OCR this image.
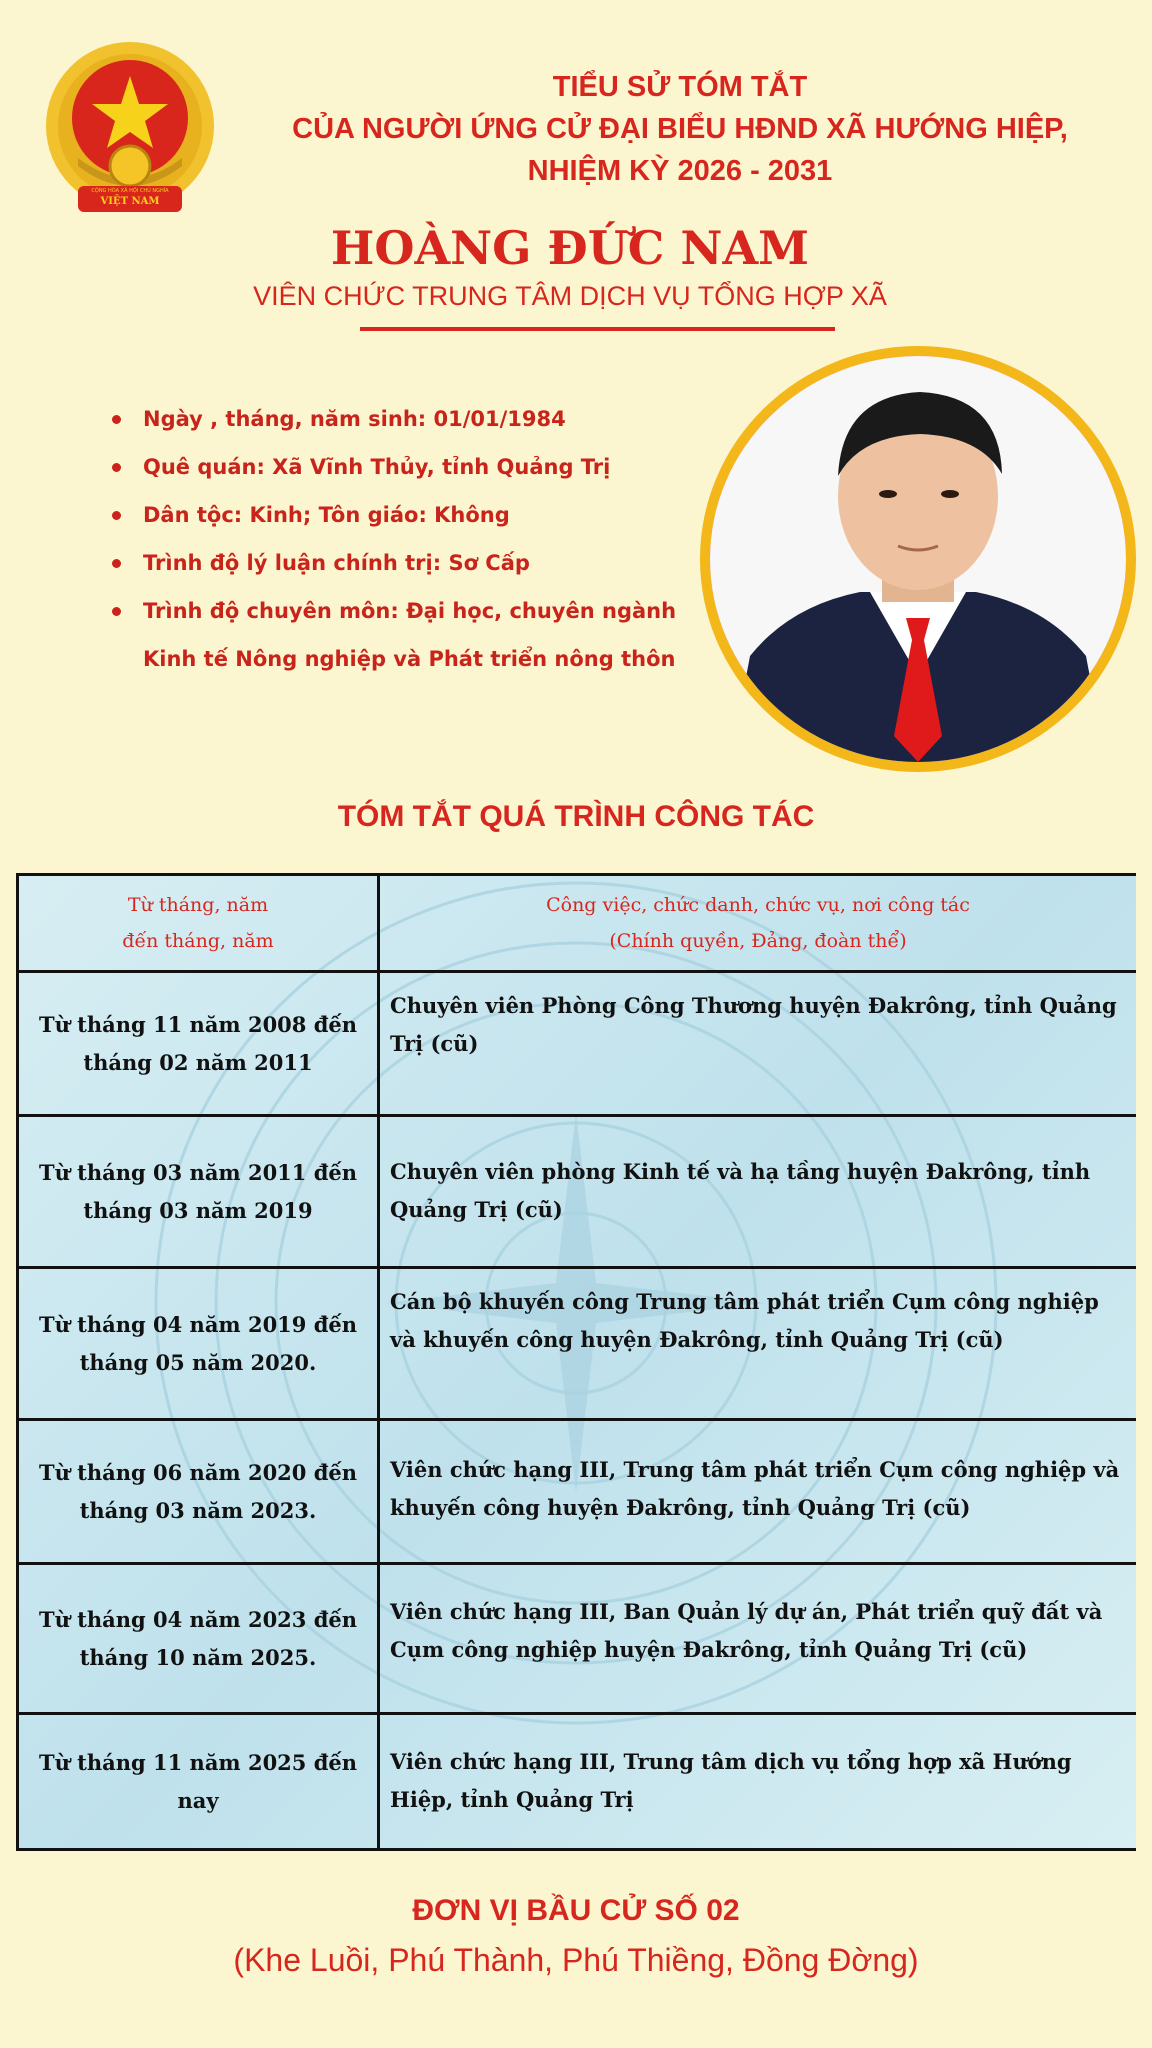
CỘNG HÒA XÃ HỘI CHỦ NGHĨA
VIỆT NAM
TIỂU SỬ TÓM TẮT
CỦA NGƯỜI ỨNG CỬ ĐẠI BIỂU HĐND XÃ HƯỚNG HIỆP,
NHIỆM KỲ 2026 - 2031
HOÀNG ĐỨC NAM
VIÊN CHỨC TRUNG TÂM DỊCH VỤ TỔNG HỢP XÃ
Ngày , tháng, năm sinh: 01/01/1984
Quê quán: Xã Vĩnh Thủy, tỉnh Quảng Trị
Dân tộc: Kinh; Tôn giáo: Không
Trình độ lý luận chính trị: Sơ Cấp
Trình độ chuyên môn: Đại học, chuyên ngành
Kinh tế Nông nghiệp và Phát triển nông thôn
TÓM TẮT QUÁ TRÌNH CÔNG TÁC
Từ tháng, năm
đến tháng, năm	Công việc, chức danh, chức vụ, nơi công tác
(Chính quyền, Đảng, đoàn thể)
Từ tháng 11 năm 2008 đến tháng 02 năm 2011	Chuyên viên Phòng Công Thương huyện Đakrông, tỉnh Quảng Trị (cũ)
Từ tháng 03 năm 2011 đến tháng 03 năm 2019	Chuyên viên phòng Kinh tế và hạ tầng huyện Đakrông, tỉnh Quảng Trị (cũ)
Từ tháng 04 năm 2019 đến tháng 05 năm 2020.	Cán bộ khuyến công Trung tâm phát triển Cụm công nghiệp và khuyến công huyện Đakrông, tỉnh Quảng Trị (cũ)
Từ tháng 06 năm 2020 đến tháng 03 năm 2023.	Viên chức hạng III, Trung tâm phát triển Cụm công nghiệp và khuyến công huyện Đakrông, tỉnh Quảng Trị (cũ)
Từ tháng 04 năm 2023 đến tháng 10 năm 2025.	Viên chức hạng III, Ban Quản lý dự án, Phát triển quỹ đất và Cụm công nghiệp huyện Đakrông, tỉnh Quảng Trị (cũ)
Từ tháng 11 năm 2025 đến nay	Viên chức hạng III, Trung tâm dịch vụ tổng hợp xã Hướng Hiệp, tỉnh Quảng Trị
ĐƠN VỊ BẦU CỬ SỐ 02
(Khe Luồi, Phú Thành, Phú Thiềng, Đồng Đờng)
